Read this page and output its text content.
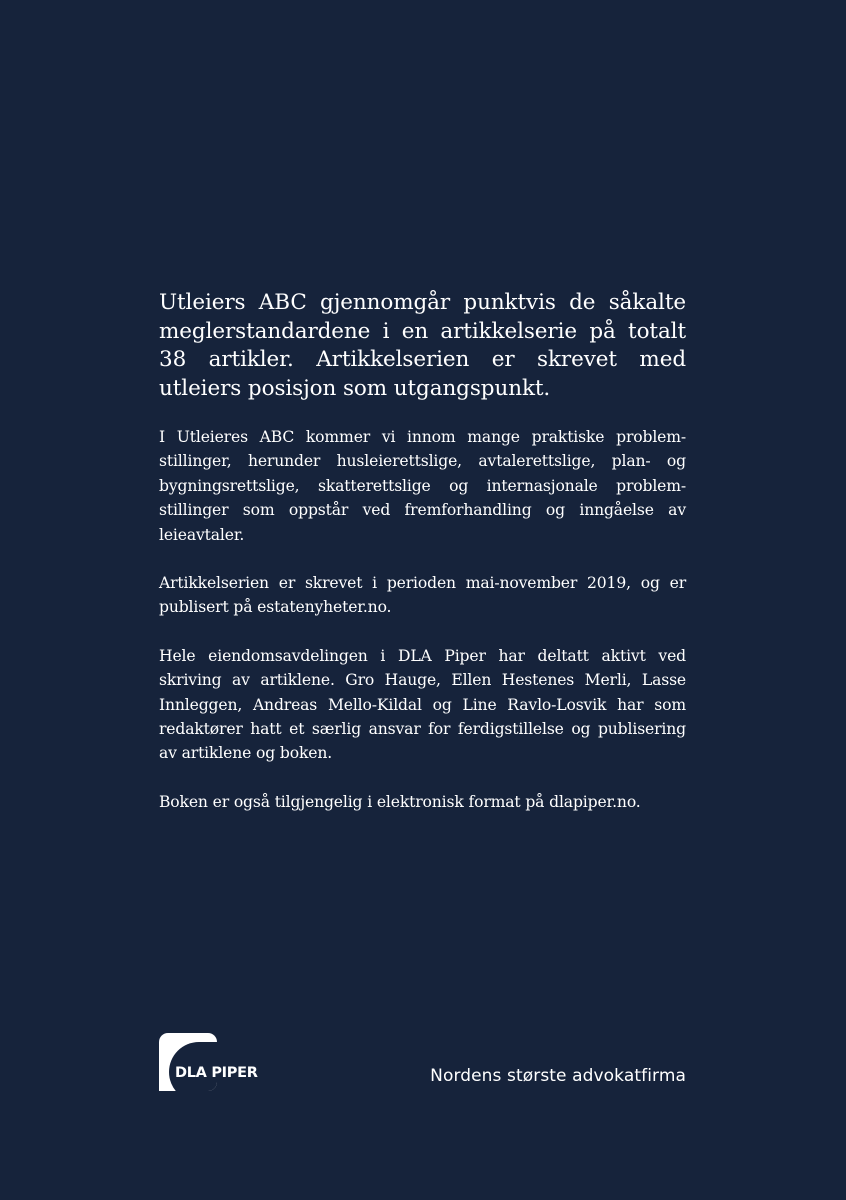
Utleiers ABC gjennomgår punktvis de såkalte meglerstandardene i en artikkelserie på totalt 38 artikler. Artikkelserien er skrevet med utleiers posisjon som utgangspunkt.

I Utleieres ABC kommer vi innom mange praktiske problem-stillinger, herunder husleierettslige, avtalerettslige, plan- og bygningsrettslige, skatterettslige og internasjonale problem-stillinger som oppstår ved fremforhandling og inngåelse av leieavtaler.

Artikkelserien er skrevet i perioden mai-november 2019, og er publisert på estatenyheter.no.

Hele eiendomsavdelingen i DLA Piper har deltatt aktivt ved skriving av artiklene. Gro Hauge, Ellen Hestenes Merli, Lasse Innleggen, Andreas Mello-Kildal og Line Ravlo-Losvik har som redaktører hatt et særlig ansvar for ferdigstillelse og publisering av artiklene og boken.

Boken er også tilgjengelig i elektronisk format på dlapiper.no.

DLA PIPER	Nordens største advokatfirma
